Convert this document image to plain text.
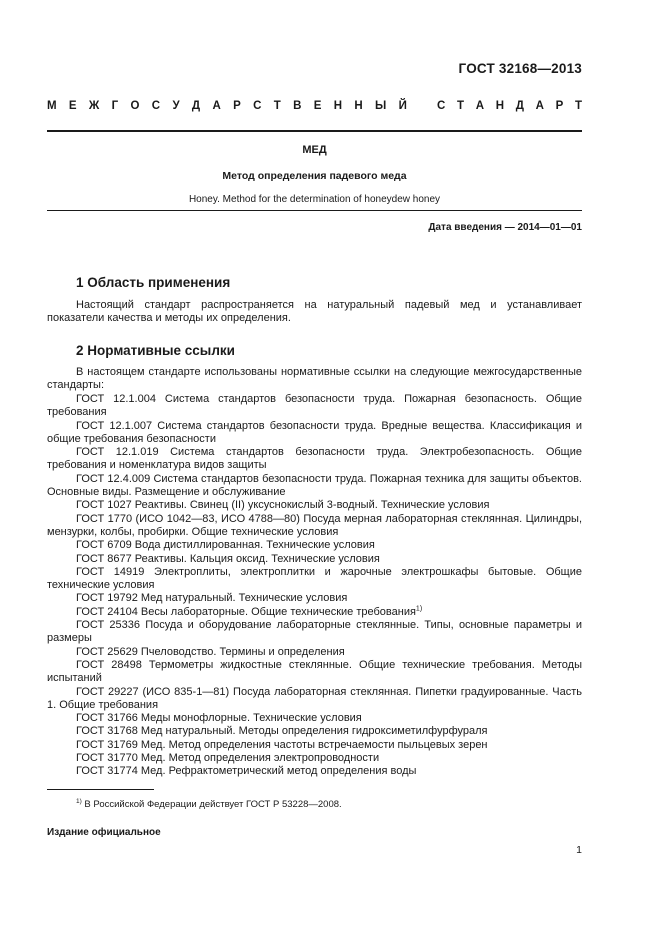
ГОСТ 32168—2013
М Е Ж Г О С У Д А Р С Т В Е Н Н Ы Й	С Т А Н Д А Р Т
МЕД
Метод определения падевого меда
Honey. Method for the determination of honeydew honey
Дата введения — 2014—01—01
1 Область применения
Настоящий стандарт распространяется на натуральный падевый мед и устанавливает показатели качества и методы их определения.
2 Нормативные ссылки
В настоящем стандарте использованы нормативные ссылки на следующие межгосударственные стандарты:
ГОСТ 12.1.004 Система стандартов безопасности труда. Пожарная безопасность. Общие требования
ГОСТ 12.1.007 Система стандартов безопасности труда. Вредные вещества. Классификация и общие требования безопасности
ГОСТ 12.1.019 Система стандартов безопасности труда. Электробезопасность. Общие требования и номенклатура видов защиты
ГОСТ 12.4.009 Система стандартов безопасности труда. Пожарная техника для защиты объектов. Основные виды. Размещение и обслуживание
ГОСТ 1027 Реактивы. Свинец (II) уксуснокислый 3-водный. Технические условия
ГОСТ 1770 (ИСО 1042—83, ИСО 4788—80) Посуда мерная лабораторная стеклянная. Цилиндры, мензурки, колбы, пробирки. Общие технические условия
ГОСТ 6709 Вода дистиллированная. Технические условия
ГОСТ 8677 Реактивы. Кальция оксид. Технические условия
ГОСТ 14919 Электроплиты, электроплитки и жарочные электрошкафы бытовые. Общие технические условия
ГОСТ 19792 Мед натуральный. Технические условия
ГОСТ 24104 Весы лабораторные. Общие технические требования$^{1)}$
ГОСТ 25336 Посуда и оборудование лабораторные стеклянные. Типы, основные параметры и размеры
ГОСТ 25629 Пчеловодство. Термины и определения
ГОСТ 28498 Термометры жидкостные стеклянные. Общие технические требования. Методы испытаний
ГОСТ 29227 (ИСО 835-1—81) Посуда лабораторная стеклянная. Пипетки градуированные. Часть 1. Общие требования
ГОСТ 31766 Меды монофлорные. Технические условия
ГОСТ 31768 Мед натуральный. Методы определения гидроксиметилфурфураля
ГОСТ 31769 Мед. Метод определения частоты встречаемости пыльцевых зерен
ГОСТ 31770 Мед. Метод определения электропроводности
ГОСТ 31774 Мед. Рефрактометрический метод определения воды
$^{1)}$ В Российской Федерации действует ГОСТ Р 53228—2008.
Издание официальное
1
